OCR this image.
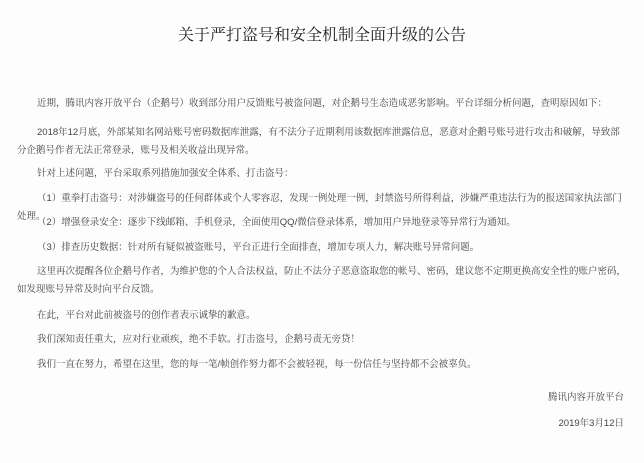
关于严打盗号和安全机制全面升级的公告
近期，腾讯内容开放平台（企鹅号）收到部分用户反馈账号被盗问题，对企鹅号生态造成恶劣影响。平台详细分析问题，查明原因如下：
2018年12月底，外部某知名网站账号密码数据库泄露，有不法分子近期利用该数据库泄露信息，恶意对企鹅号账号进行攻击和破解，导致部分企鹅号作者无法正常登录，账号及相关收益出现异常。
针对上述问题，平台采取系列措施加强安全体系、打击盗号：
（1）重拳打击盗号：对涉嫌盗号的任何群体或个人零容忍，发现一例处理一例，封禁盗号所得利益，涉嫌严重违法行为的报送国家执法部门处理。
（2）增强登录安全：逐步下线邮箱、手机登录，全面使用QQ/微信登录体系，增加用户异地登录等异常行为通知。
（3）排查历史数据：针对所有疑似被盗账号，平台正进行全面排查，增加专项人力，解决账号异常问题。
这里再次提醒各位企鹅号作者，为维护您的个人合法权益，防止不法分子恶意盗取您的帐号、密码，建议您不定期更换高安全性的账户密码，如发现账号异常及时向平台反馈。
在此，平台对此前被盗号的创作者表示诚挚的歉意。
我们深知责任重大，应对行业顽疾，绝不手软。打击盗号，企鹅号责无旁贷！
我们一直在努力，希望在这里，您的每一笔/帧创作努力都不会被轻视，每一份信任与坚持都不会被辜负。
腾讯内容开放平台
2019年3月12日
